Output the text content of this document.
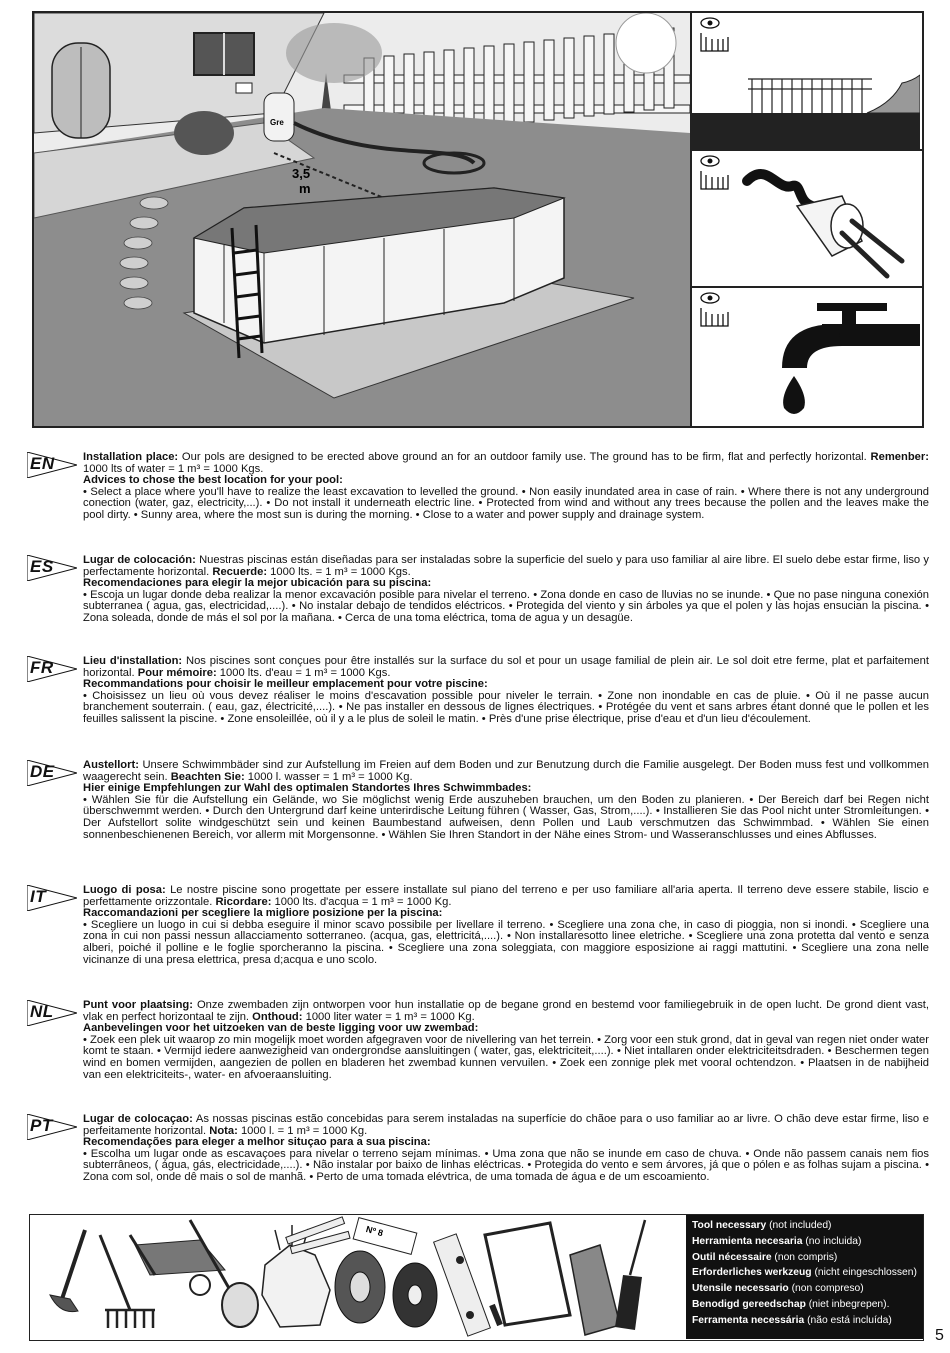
Gre
3,5
m
EN	Installation place: Our pols are designed to be erected above ground an for an outdoor family use. The ground has to be firm, flat and perfectly horizontal. Remenber: 1000 lts of water = 1 m³ = 1000 Kgs.

Advices to chose the best location for your pool:

• Select a place where you'll have to realize the least excavation to levelled the ground. • Non easily inundated area in case of rain. • Where there is not any underground conection (water, gaz, electricity,...). • Do not install it underneath electric line. • Protected from wind and without any trees because the pollen and the leaves make the pool dirty. • Sunny area, where the most sun is during the morning. • Close to a water and power supply and drainage system.

ES	Lugar de colocación: Nuestras piscinas están diseñadas para ser instaladas sobre la superficie del suelo y para uso familiar al aire libre. El suelo debe estar firme, liso y perfectamente horizontal. Recuerde: 1000 lts. = 1 m³ = 1000 Kgs.

Recomendaciones para elegir la mejor ubicación para su piscina:

• Escoja un lugar donde deba realizar la menor excavación posible para nivelar el terreno. • Zona donde en caso de lluvias no se inunde. • Que no pase ninguna conexión subterranea ( agua, gas, electricidad,....). • No instalar debajo de tendidos eléctricos. • Protegida del viento y sin árboles ya que el polen y las hojas ensucian la piscina. • Zona soleada, donde de más el sol por la mañana. • Cerca de una toma eléctrica, toma de agua y un desagüe.

FR	Lieu d'installation: Nos piscines sont conçues pour être installés sur la surface du sol et pour un usage familial de plein air. Le sol doit etre ferme, plat et parfaitement horizontal. Pour mémoire: 1000 lts. d'eau = 1 m³ = 1000 Kgs.

Recommandations pour choisir le meilleur emplacement pour votre piscine:

• Choisissez un lieu où vous devez réaliser le moins d'escavation possible pour niveler le terrain. • Zone non inondable en cas de pluie. • Où il ne passe aucun branchement souterrain. ( eau, gaz, électricité,....). • Ne pas installer en dessous de lignes électriques. • Protégée du vent et sans arbres étant donné que le pollen et les feuilles salissent la piscine. • Zone ensoleillée, où il y a le plus de soleil le matin. • Près d'une prise électrique, prise d'eau et d'un lieu d'écoulement.

DE	Austellort: Unsere Schwimmbäder sind zur Aufstellung im Freien auf dem Boden und zur Benutzung durch die Familie ausgelegt. Der Boden muss fest und vollkommen waagerecht sein. Beachten Sie: 1000 l. wasser = 1 m³ = 1000 Kg.

Hier einige Empfehlungen zur Wahl des optimalen Standortes Ihres Schwimmbades:

• Wählen Sie für die Aufstellung ein Gelände, wo Sie möglichst wenig Erde auszuheben brauchen, um den Boden zu planieren. • Der Bereich darf bei Regen nicht überschwemmt werden. • Durch den Untergrund darf keine unterirdische Leitung führen ( Wasser, Gas, Strom,....). • Installieren Sie das Pool nicht unter Stromleitungen. • Der Aufstellort solite windgeschützt sein und keinen Baumbestand aufweisen, denn Pollen und Laub verschmutzen das Schwimmbad. • Wählen Sie einen sonnenbeschienenen Bereich, vor allerm mit Morgensonne. • Wählen Sie Ihren Standort in der Nähe eines Strom- und Wasseranschlusses und eines Abflusses.

IT	Luogo di posa: Le nostre piscine sono progettate per essere installate sul piano del terreno e per uso familiare all'aria aperta. Il terreno deve essere stabile, liscio e perfettamente orizzontale. Ricordare: 1000 lts. d'acqua = 1 m³ = 1000 Kg.

Raccomandazioni per scegliere la migliore posizione per la piscina:

• Scegliere un luogo in cui si debba eseguire il minor scavo possibile per livellare il terreno. • Scegliere una zona che, in caso di pioggia, non si inondi. • Scegliere una zona in cui non passi nessun allacciamento sotterraneo. (acqua, gas, elettricitá,....). • Non installaresotto linee eletriche. • Scegliere una zona protetta dal vento e senza alberi, poiché il polline e le foglie sporcheranno la piscina. • Scegliere una zona soleggiata, con maggiore esposizione ai raggi mattutini. • Scegliere una zona nelle vicinanze di una presa elettrica, presa d;acqua e uno scolo.

NL	Punt voor plaatsing: Onze zwembaden zijn ontworpen voor hun installatie op de begane grond en bestemd voor familiegebruik in de open lucht. De grond dient vast, vlak en perfect horizontaal te zijn. Onthoud: 1000 liter water = 1 m³ = 1000 Kg.

Aanbevelingen voor het uitzoeken van de beste ligging voor uw zwembad:

• Zoek een plek uit waarop zo min mogelijk moet worden afgegraven voor de nivellering van het terrein. • Zorg voor een stuk grond, dat in geval van regen niet onder water komt te staan. • Vermijd iedere aanwezigheid van ondergrondse aansluitingen ( water, gas, elektriciteit,....). • Niet intallaren onder elektriciteitsdraden. • Beschermen tegen wind en bomen vermijden, aangezien de pollen en bladeren het zwembad kunnen vervuilen. • Zoek een zonnige plek met vooral ochtendzon. • Plaatsen in de nabijheid van een elektriciteits-, water- en afvoeraansluiting.

PT	Lugar de colocaçao: As nossas piscinas estão concebidas para serem instaladas na superfície do chãoe para o uso familiar ao ar livre. O chão deve estar firme, liso e perfeitamente horizontal. Nota: 1000 l. = 1 m³ = 1000 Kg.

Recomendações para eleger a melhor situçao para a sua piscina:

• Escolha um lugar onde as escavaçoes para nivelar o terreno sejam mínimas. • Uma zona que não se inunde em caso de chuva. • Onde não passem canais nem fios subterrâneos, ( água, gás, electricidade,....). • Não instalar por baixo de linhas eléctricas. • Protegida do vento e sem árvores, já que o pólen e as folhas sujam a piscina. • Zona com sol, onde dê mais o sol de manhã. • Perto de uma tomada elévtrica, de uma tomada de água e de um escoamiento.

Nº 8	Tool necessary (not included)
Herramienta necesaria (no incluida)
Outil nécessaire (non compris)
Erforderliches werkzeug (nicht eingeschlossen)
Utensile necessario (non compreso)
Benodigd gereedschap (niet inbegrepen).
Ferramenta necessária (não está incluída)
5
